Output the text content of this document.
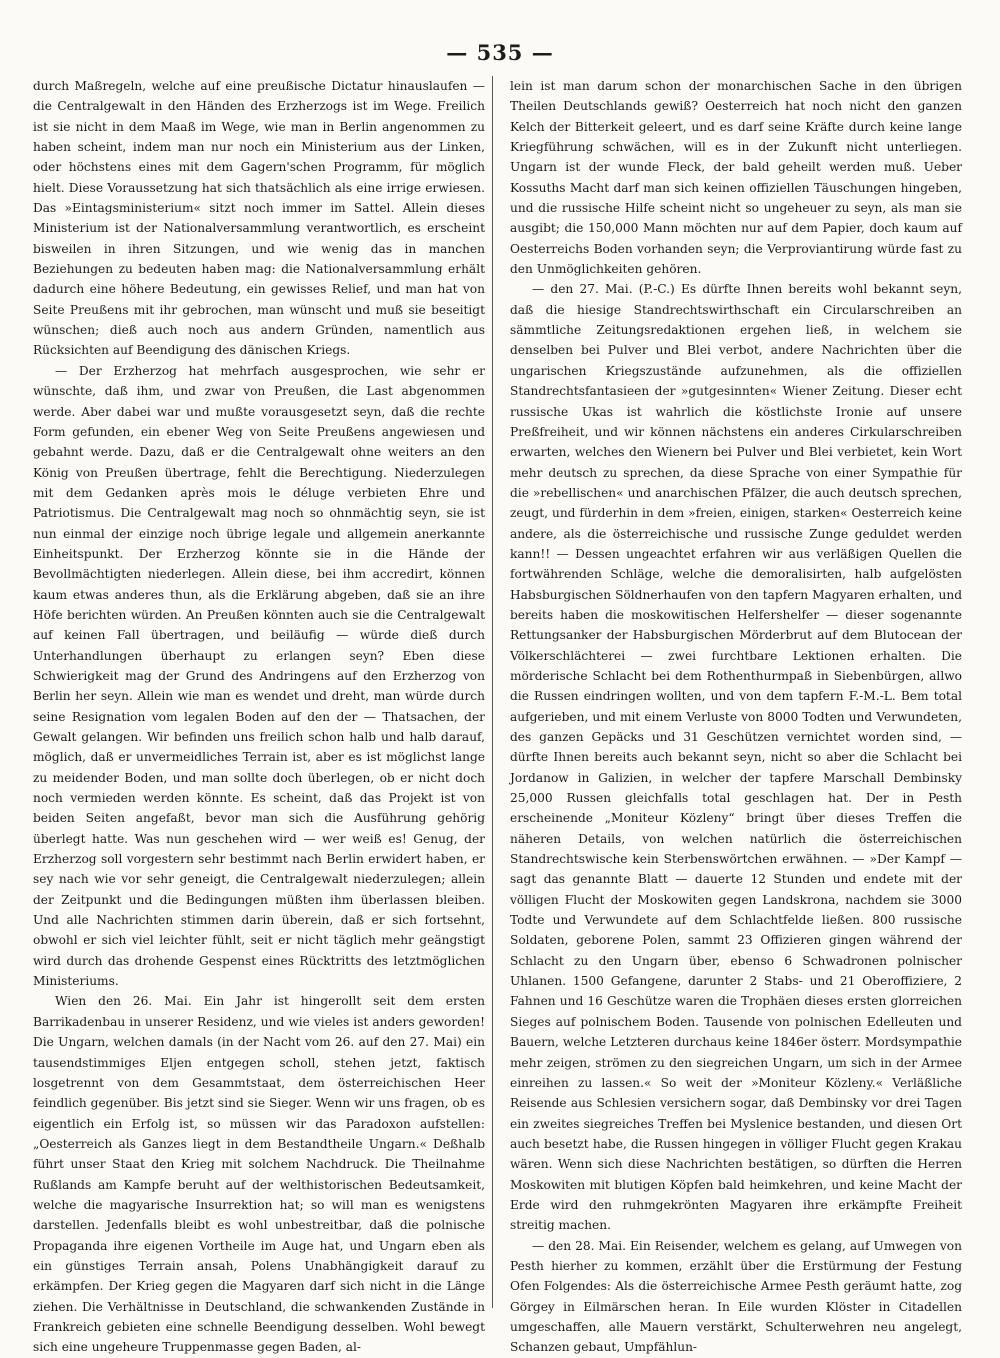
— 535 —

durch Maßregeln, welche auf eine preußische Dictatur hinauslaufen — die Centralgewalt in den Händen des Erzherzogs ist im Wege. Freilich ist sie nicht in dem Maaß im Wege, wie man in Berlin angenommen zu haben scheint, indem man nur noch ein Ministerium aus der Linken, oder höchstens eines mit dem Gagern'schen Programm, für möglich hielt. Diese Voraussetzung hat sich thatsächlich als eine irrige erwiesen. Das »Eintagsministerium« sitzt noch immer im Sattel. Allein dieses Ministerium ist der Nationalversammlung verantwortlich, es erscheint bisweilen in ihren Sitzungen, und wie wenig das in manchen Beziehungen zu bedeuten haben mag: die Nationalversammlung erhält dadurch eine höhere Bedeutung, ein gewisses Relief, und man hat von Seite Preußens mit ihr gebrochen, man wünscht und muß sie beseitigt wünschen; dieß auch noch aus andern Gründen, namentlich aus Rücksichten auf Beendigung des dänischen Kriegs.

— Der Erzherzog hat mehrfach ausgesprochen, wie sehr er wünschte, daß ihm, und zwar von Preußen, die Last abgenommen werde. Aber dabei war und mußte vorausgesetzt seyn, daß die rechte Form gefunden, ein ebener Weg von Seite Preußens angewiesen und gebahnt werde. Dazu, daß er die Centralgewalt ohne weiters an den König von Preußen übertrage, fehlt die Berechtigung. Niederzulegen mit dem Gedanken après mois le déluge verbieten Ehre und Patriotismus. Die Centralgewalt mag noch so ohnmächtig seyn, sie ist nun einmal der einzige noch übrige legale und allgemein anerkannte Einheitspunkt. Der Erzherzog könnte sie in die Hände der Bevollmächtigten niederlegen. Allein diese, bei ihm accredirt, können kaum etwas anderes thun, als die Erklärung abgeben, daß sie an ihre Höfe berichten würden. An Preußen könnten auch sie die Centralgewalt auf keinen Fall übertragen, und beiläufig — würde dieß durch Unterhandlungen überhaupt zu erlangen seyn? Eben diese Schwierigkeit mag der Grund des Andringens auf den Erzherzog von Berlin her seyn. Allein wie man es wendet und dreht, man würde durch seine Resignation vom legalen Boden auf den der — Thatsachen, der Gewalt gelangen. Wir befinden uns freilich schon halb und halb darauf, möglich, daß er unvermeidliches Terrain ist, aber es ist möglichst lange zu meidender Boden, und man sollte doch überlegen, ob er nicht doch noch vermieden werden könnte. Es scheint, daß das Projekt ist von beiden Seiten angefaßt, bevor man sich die Ausführung gehörig überlegt hatte. Was nun geschehen wird — wer weiß es! Genug, der Erzherzog soll vorgestern sehr bestimmt nach Berlin erwidert haben, er sey nach wie vor sehr geneigt, die Centralgewalt niederzulegen; allein der Zeitpunkt und die Bedingungen müßten ihm überlassen bleiben. Und alle Nachrichten stimmen darin überein, daß er sich fortsehnt, obwohl er sich viel leichter fühlt, seit er nicht täglich mehr geängstigt wird durch das drohende Gespenst eines Rücktritts des letztmöglichen Ministeriums.

Wien den 26. Mai. Ein Jahr ist hingerollt seit dem ersten Barrikadenbau in unserer Residenz, und wie vieles ist anders geworden! Die Ungarn, welchen damals (in der Nacht vom 26. auf den 27. Mai) ein tausendstimmiges Eljen entgegen scholl, stehen jetzt, faktisch losgetrennt von dem Gesammtstaat, dem österreichischen Heer feindlich gegenüber. Bis jetzt sind sie Sieger. Wenn wir uns fragen, ob es eigentlich ein Erfolg ist, so müssen wir das Paradoxon aufstellen: „Oesterreich als Ganzes liegt in dem Bestandtheile Ungarn.« Deßhalb führt unser Staat den Krieg mit solchem Nachdruck. Die Theilnahme Rußlands am Kampfe beruht auf der welthistorischen Bedeutsamkeit, welche die magyarische Insurrektion hat; so will man es wenigstens darstellen. Jedenfalls bleibt es wohl unbestreitbar, daß die polnische Propaganda ihre eigenen Vortheile im Auge hat, und Ungarn eben als ein günstiges Terrain ansah, Polens Unabhängigkeit darauf zu erkämpfen. Der Krieg gegen die Magyaren darf sich nicht in die Länge ziehen. Die Verhältnisse in Deutschland, die schwankenden Zustände in Frankreich gebieten eine schnelle Beendigung desselben. Wohl bewegt sich eine ungeheure Truppenmasse gegen Baden, al-

lein ist man darum schon der monarchischen Sache in den übrigen Theilen Deutschlands gewiß? Oesterreich hat noch nicht den ganzen Kelch der Bitterkeit geleert, und es darf seine Kräfte durch keine lange Kriegführung schwächen, will es in der Zukunft nicht unterliegen. Ungarn ist der wunde Fleck, der bald geheilt werden muß. Ueber Kossuths Macht darf man sich keinen offiziellen Täuschungen hingeben, und die russische Hilfe scheint nicht so ungeheuer zu seyn, als man sie ausgibt; die 150,000 Mann möchten nur auf dem Papier, doch kaum auf Oesterreichs Boden vorhanden seyn; die Verproviantirung würde fast zu den Unmöglichkeiten gehören.

— den 27. Mai. (P.-C.) Es dürfte Ihnen bereits wohl bekannt seyn, daß die hiesige Standrechtswirthschaft ein Circularschreiben an sämmtliche Zeitungsredaktionen ergehen ließ, in welchem sie denselben bei Pulver und Blei verbot, andere Nachrichten über die ungarischen Kriegszustände aufzunehmen, als die offiziellen Standrechtsfantasieen der »gutgesinnten« Wiener Zeitung. Dieser echt russische Ukas ist wahrlich die köstlichste Ironie auf unsere Preßfreiheit, und wir können nächstens ein anderes Cirkularschreiben erwarten, welches den Wienern bei Pulver und Blei verbietet, kein Wort mehr deutsch zu sprechen, da diese Sprache von einer Sympathie für die »rebellischen« und anarchischen Pfälzer, die auch deutsch sprechen, zeugt, und fürderhin in dem »freien, einigen, starken« Oesterreich keine andere, als die österreichische und russische Zunge geduldet werden kann!! — Dessen ungeachtet erfahren wir aus verläßigen Quellen die fortwährenden Schläge, welche die demoralisirten, halb aufgelösten Habsburgischen Söldnerhaufen von den tapfern Magyaren erhalten, und bereits haben die moskowitischen Helfershelfer — dieser sogenannte Rettungsanker der Habsburgischen Mörderbrut auf dem Blutocean der Völkerschlächterei — zwei furchtbare Lektionen erhalten. Die mörderische Schlacht bei dem Rothenthurmpaß in Siebenbürgen, allwo die Russen eindringen wollten, und von dem tapfern F.-M.-L. Bem total aufgerieben, und mit einem Verluste von 8000 Todten und Verwundeten, des ganzen Gepäcks und 31 Geschützen vernichtet worden sind, — dürfte Ihnen bereits auch bekannt seyn, nicht so aber die Schlacht bei Jordanow in Galizien, in welcher der tapfere Marschall Dembinsky 25,000 Russen gleichfalls total geschlagen hat. Der in Pesth erscheinende „Moniteur Közleny“ bringt über dieses Treffen die näheren Details, von welchen natürlich die österreichischen Standrechtswische kein Sterbenswörtchen erwähnen. — »Der Kampf — sagt das genannte Blatt — dauerte 12 Stunden und endete mit der völligen Flucht der Moskowiten gegen Landskrona, nachdem sie 3000 Todte und Verwundete auf dem Schlachtfelde ließen. 800 russische Soldaten, geborene Polen, sammt 23 Offizieren gingen während der Schlacht zu den Ungarn über, ebenso 6 Schwadronen polnischer Uhlanen. 1500 Gefangene, darunter 2 Stabs- und 21 Oberoffiziere, 2 Fahnen und 16 Geschütze waren die Trophäen dieses ersten glorreichen Sieges auf polnischem Boden. Tausende von polnischen Edelleuten und Bauern, welche Letzteren durchaus keine 1846er österr. Mordsympathie mehr zeigen, strömen zu den siegreichen Ungarn, um sich in der Armee einreihen zu lassen.« So weit der »Moniteur Közleny.« Verläßliche Reisende aus Schlesien versichern sogar, daß Dembinsky vor drei Tagen ein zweites siegreiches Treffen bei Myslenice bestanden, und diesen Ort auch besetzt habe, die Russen hingegen in völliger Flucht gegen Krakau wären. Wenn sich diese Nachrichten bestätigen, so dürften die Herren Moskowiten mit blutigen Köpfen bald heimkehren, und keine Macht der Erde wird den ruhmgekrönten Magyaren ihre erkämpfte Freiheit streitig machen.

— den 28. Mai. Ein Reisender, welchem es gelang, auf Umwegen von Pesth hierher zu kommen, erzählt über die Erstürmung der Festung Ofen Folgendes: Als die österreichische Armee Pesth geräumt hatte, zog Görgey in Eilmärschen heran. In Eile wurden Klöster in Citadellen umgeschaffen, alle Mauern verstärkt, Schulterwehren neu angelegt, Schanzen gebaut, Umpfählun-
